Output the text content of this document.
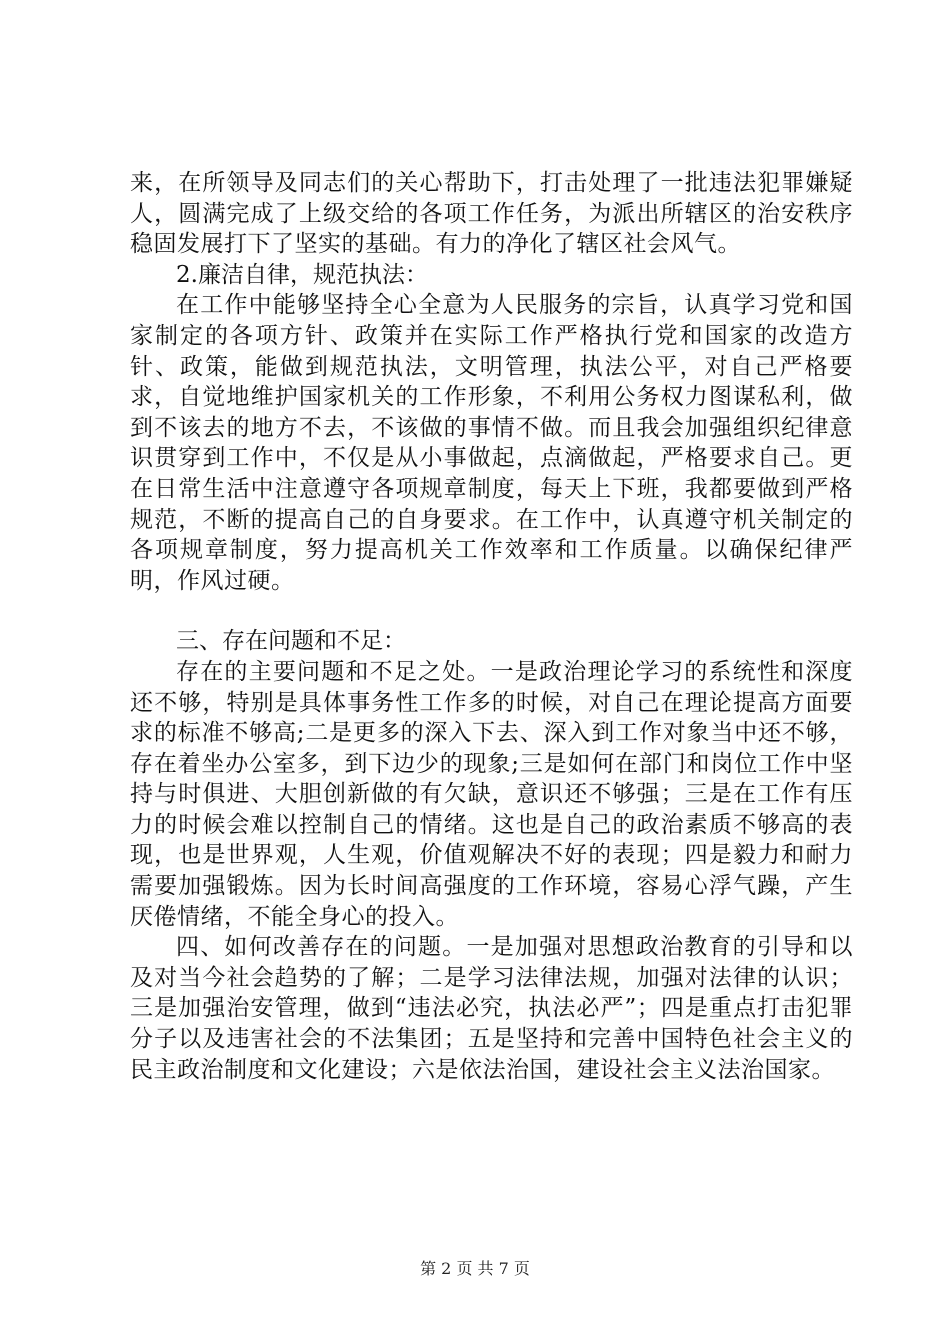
来，在所领导及同志们的关心帮助下，打击处理了一批违法犯罪嫌疑人，圆满完成了上级交给的各项工作任务，为派出所辖区的治安秩序稳固发展打下了坚实的基础。有力的净化了辖区社会风气。

2.廉洁自律，规范执法：

在工作中能够坚持全心全意为人民服务的宗旨，认真学习党和国家制定的各项方针、政策并在实际工作严格执行党和国家的改造方针、政策，能做到规范执法，文明管理，执法公平，对自己严格要求，自觉地维护国家机关的工作形象，不利用公务权力图谋私利，做到不该去的地方不去，不该做的事情不做。而且我会加强组织纪律意识贯穿到工作中，不仅是从小事做起，点滴做起，严格要求自己。更在日常生活中注意遵守各项规章制度，每天上下班，我都要做到严格规范，不断的提高自己的自身要求。在工作中，认真遵守机关制定的各项规章制度，努力提高机关工作效率和工作质量。以确保纪律严明，作风过硬。

三、存在问题和不足：

存在的主要问题和不足之处。一是政治理论学习的系统性和深度还不够，特别是具体事务性工作多的时候，对自己在理论提高方面要求的标准不够高;二是更多的深入下去、深入到工作对象当中还不够，存在着坐办公室多，到下边少的现象;三是如何在部门和岗位工作中坚持与时俱进、大胆创新做的有欠缺，意识还不够强；三是在工作有压力的时候会难以控制自己的情绪。这也是自己的政治素质不够高的表现，也是世界观，人生观，价值观解决不好的表现；四是毅力和耐力需要加强锻炼。因为长时间高强度的工作环境，容易心浮气躁，产生厌倦情绪，不能全身心的投入。

四、如何改善存在的问题。一是加强对思想政治教育的引导和以及对当今社会趋势的了解；二是学习法律法规，加强对法律的认识；三是加强治安管理，做到“违法必究，执法必严”；四是重点打击犯罪分子以及违害社会的不法集团；五是坚持和完善中国特色社会主义的民主政治制度和文化建设；六是依法治国，建设社会主义法治国家。

第 2 页 共 7 页
